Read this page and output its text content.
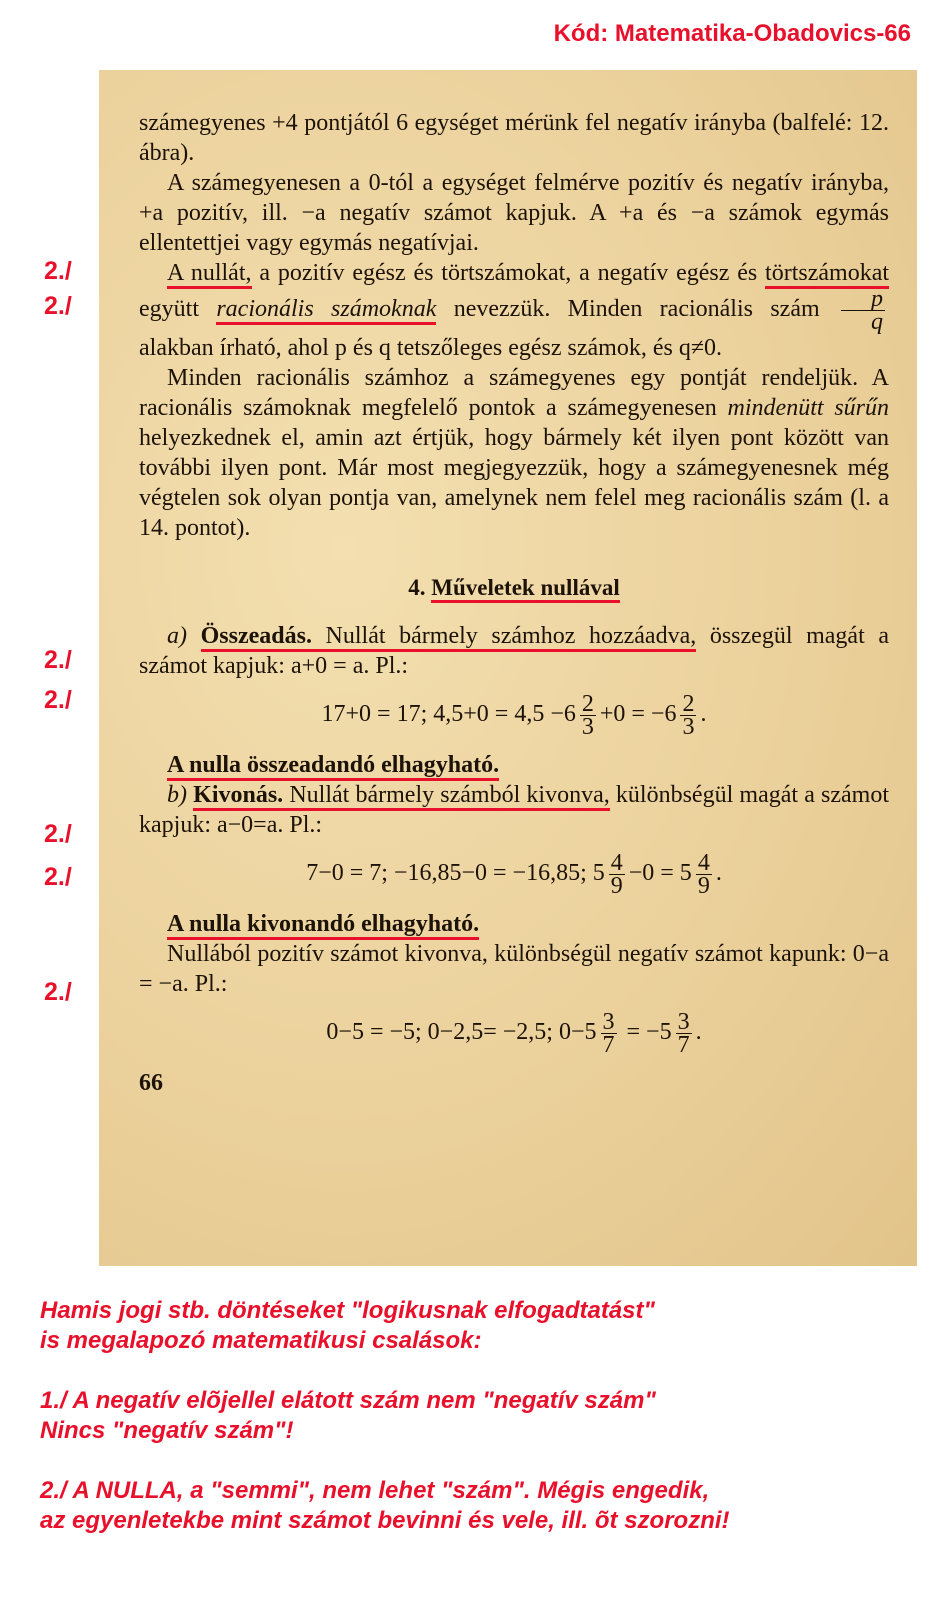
Kód: Matematika-Obadovics-66

számegyenes +4 pontjától 6 egységet mérünk fel negatív irányba (balfelé: 12. ábra).

A számegyenesen a 0-tól a egységet felmérve pozitív és negatív irányba, +a pozitív, ill. −a negatív számot kapjuk. A +a és −a számok egymás ellentettjei vagy egymás negatívjai.

A nullát, a pozitív egész és törtszámokat, a negatív egész és törtszámokat együtt racionális számoknak nevezzük. Minden racionális szám $\frac{p}{q}$
alakban írható, ahol p és q tetszőleges egész számok, és q≠0.

Minden racionális számhoz a számegyenes egy pontját rendeljük. A racionális számoknak megfelelő pontok a számegyenesen mindenütt sűrűn helyezkednek el, amin azt értjük, hogy bármely két ilyen pont között van további ilyen pont. Már most megjegyezzük, hogy a számegyenesnek még végtelen sok olyan pontja van, amelynek nem felel meg racionális szám (l. a 14. pontot).

4. Műveletek nullával

a) Összeadás. Nullát bármely számhoz hozzáadva, összegül magát a számot kapjuk: a+0 = a. Pl.:

17+0 = 17; $4,5+0 = 4,5 -6 \frac{2}{3} +0 = -6 \frac{2}{3}$ .

A nulla összeadandó elhagyható.

b) Kivonás. Nullát bármely számból kivonva, különbségül magát a számot kapjuk: a−0=a. Pl.:

7−0 = 7; −16,85−0 = −16,85; $5 \frac{4}{9} -0 = 5 \frac{4}{9}$ .

A nulla kivonandó elhagyható.

Nullából pozitív számot kivonva, különbségül negatív számot kapunk: 0−a = −a. Pl.:

0−5 = −5; 0−2,5= −2,5; $0-5 \frac{3}{7} = -5 \frac{3}{7}$ .

66

2./
2./
2./
2./
2./
2./
2./

Hamis jogi stb. döntéseket "logikusnak elfogadtatást"

is megalapozó matematikusi csalások:

1./ A negatív elõjellel elátott szám nem "negatív szám"

Nincs "negatív szám"!

2./ A NULLA, a "semmi", nem lehet "szám". Mégis engedik,

az egyenletekbe mint számot bevinni és vele, ill. õt szorozni!
